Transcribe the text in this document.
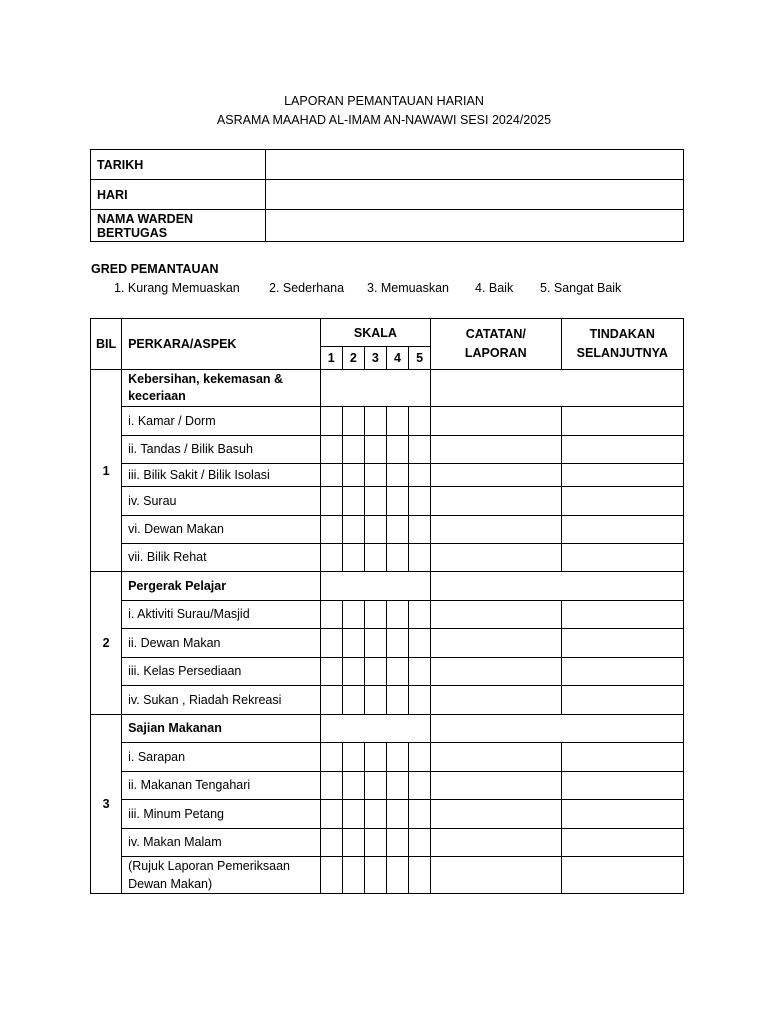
LAPORAN PEMANTAUAN HARIAN
ASRAMA MAAHAD AL-IMAM AN-NAWAWI SESI 2024/2025
TARIKH	
HARI	
NAMA WARDEN BERTUGAS	
GRED PEMANTAUAN
1. Kurang Memuaskan 2. Sederhana 3. Memuaskan 4. Baik 5. Sangat Baik
BIL	PERKARA/ASPEK	SKALA					CATATAN/ LAPORAN	TINDAKAN SELANJUTNYA
		1	2	3	4	5		
1	Kebersihan, kekemasan & keceriaan							
	i. Kamar / Dorm							
	ii. Tandas / Bilik Basuh							
	iii. Bilik Sakit / Bilik Isolasi							
	iv. Surau							
	vi. Dewan Makan							
	vii. Bilik Rehat							
2	Pergerak Pelajar							
	i. Aktiviti Surau/Masjid							
	ii. Dewan Makan							
	iii. Kelas Persediaan							
	iv. Sukan , Riadah Rekreasi							
3	Sajian Makanan							
	i. Sarapan							
	ii. Makanan Tengahari							
	iii. Minum Petang							
	iv. Makan Malam							
	(Rujuk Laporan Pemeriksaan Dewan Makan)							
